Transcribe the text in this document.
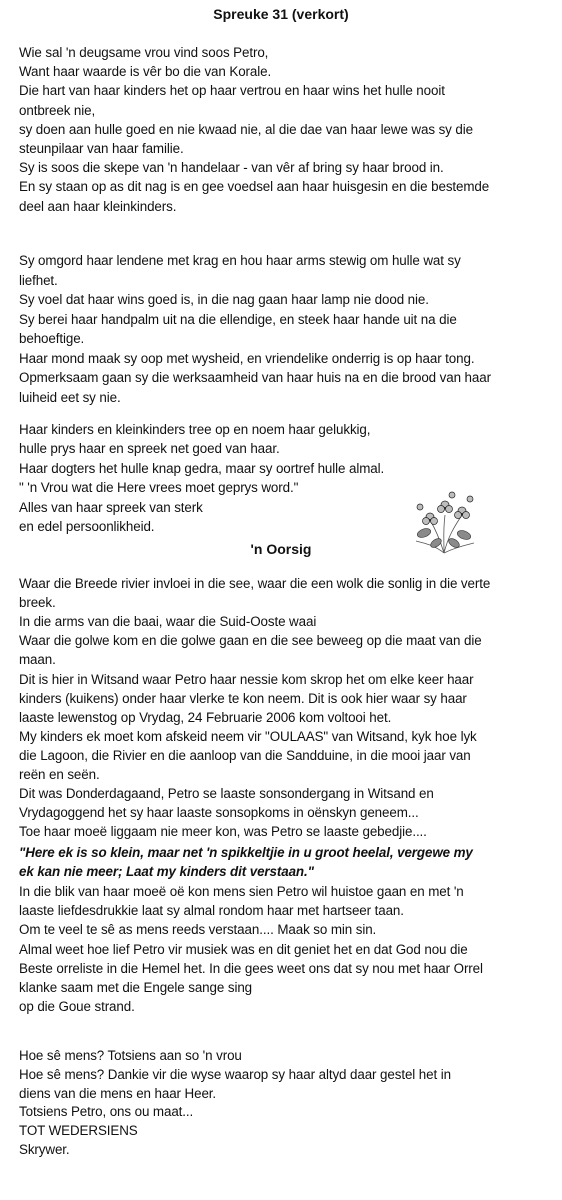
Spreuke 31 (verkort)
Wie sal 'n deugsame vrou vind soos Petro,
Want haar waarde is vêr bo die van Korale.
Die hart van haar kinders het op haar vertrou en haar wins het hulle nooit
ontbreek nie,
sy doen aan hulle goed en nie kwaad nie, al die dae van haar lewe was sy die
steunpilaar van haar familie.
Sy is soos die skepe van 'n handelaar - van vêr af bring sy haar brood in.
En sy staan op as dit nag is en gee voedsel aan haar huisgesin en die bestemde
deel aan haar kleinkinders.
Sy omgord haar lendene met krag en hou haar arms stewig om hulle wat sy
liefhet.
Sy voel dat haar wins goed is, in die nag gaan haar lamp nie dood nie.
Sy berei haar handpalm uit na die ellendige, en steek haar hande uit na die
behoeftige.
Haar mond maak sy oop met wysheid, en vriendelike onderrig is op haar tong.
Opmerksaam gaan sy die werksaamheid van haar huis na en die brood van haar
luiheid eet sy nie.
Haar kinders en kleinkinders tree op en noem haar gelukkig,
hulle prys haar en spreek net goed van haar.
Haar dogters het hulle knap gedra, maar sy oortref hulle almal.
" 'n Vrou wat die Here vrees moet geprys word."
Alles van haar spreek van sterk
en edel persoonlikheid.
'n Oorsig
Waar die Breede rivier invloei in die see, waar die een wolk die sonlig in die verte
breek.
In die arms van die baai, waar die Suid-Ooste waai
Waar die golwe kom en die golwe gaan en die see beweeg op die maat van die
maan.
Dit is hier in Witsand waar Petro haar nessie kom skrop het om elke keer haar
kinders (kuikens) onder haar vlerke te kon neem. Dit is ook hier waar sy haar
laaste lewenstog op Vrydag, 24 Februarie 2006 kom voltooi het.
My kinders ek moet kom afskeid neem vir "OULAAS" van Witsand, kyk hoe lyk
die Lagoon, die Rivier en die aanloop van die Sandduine, in die mooi jaar van
reën en seën.
Dit was Donderdagaand, Petro se laaste sonsondergang in Witsand en
Vrydagoggend het sy haar laaste sonsopkoms in oënskyn geneem...
Toe haar moeë liggaam nie meer kon, was Petro se laaste gebedjie....
"Here ek is so klein, maar net 'n spikkeltjie in u groot heelal, vergewe my
ek kan nie meer; Laat my kinders dit verstaan."
In die blik van haar moeë oë kon mens sien Petro wil huistoe gaan en met 'n
laaste liefdesdrukkie laat sy almal rondom haar met hartseer taan.
Om te veel te sê as mens reeds verstaan.... Maak so min sin.
Almal weet hoe lief Petro vir musiek was en dit geniet het en dat God nou die
Beste orreliste in die Hemel het. In die gees weet ons dat sy nou met haar Orrel
klanke saam met die Engele sange sing
op die Goue strand.
Hoe sê mens? Totsiens aan so 'n vrou
Hoe sê mens? Dankie vir die wyse waarop sy haar altyd daar gestel het in
diens van die mens en haar Heer.
Totsiens Petro, ons ou maat...
TOT WEDERSIENS
Skrywer.
